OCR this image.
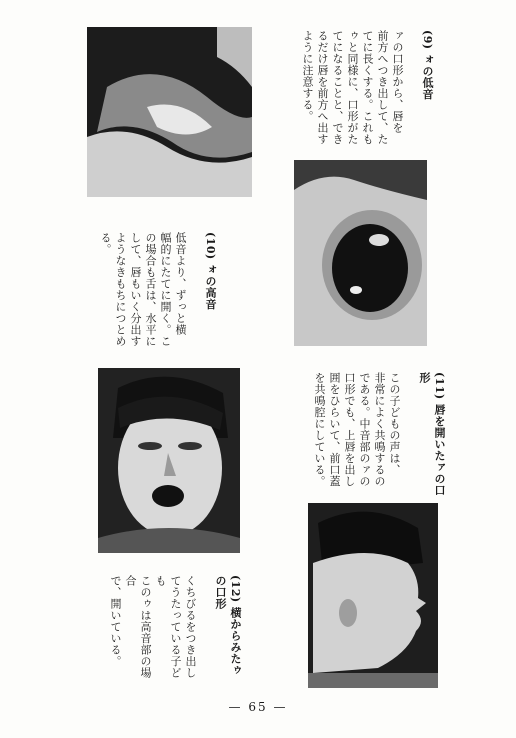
(9) ォの低音

ァの口形から、唇を
前方へつき出して、た
てに長くする。これも
ゥと同様に、口形がた
てになることと、でき
るだけ唇を前方へ出す
ように注意する。

(10) ォの高音

低音より、ずっと横
幅的にたてに開く。こ
の場合も舌は、水平に
して、唇もいく分出す
ようなきもちにつとめ
る。

(11) 唇を開いたァの口形

この子どもの声は、
非常によく共鳴するの
である。中音部のァの
口形でも、上唇を出し
囲をひらいて、前口蓋
を共鳴腔にしている。

(12) 横からみたゥの口形

くちびるをつき出し
てうたっている子ども
このゥは高音部の場合
で、開いている。

— 65 —
